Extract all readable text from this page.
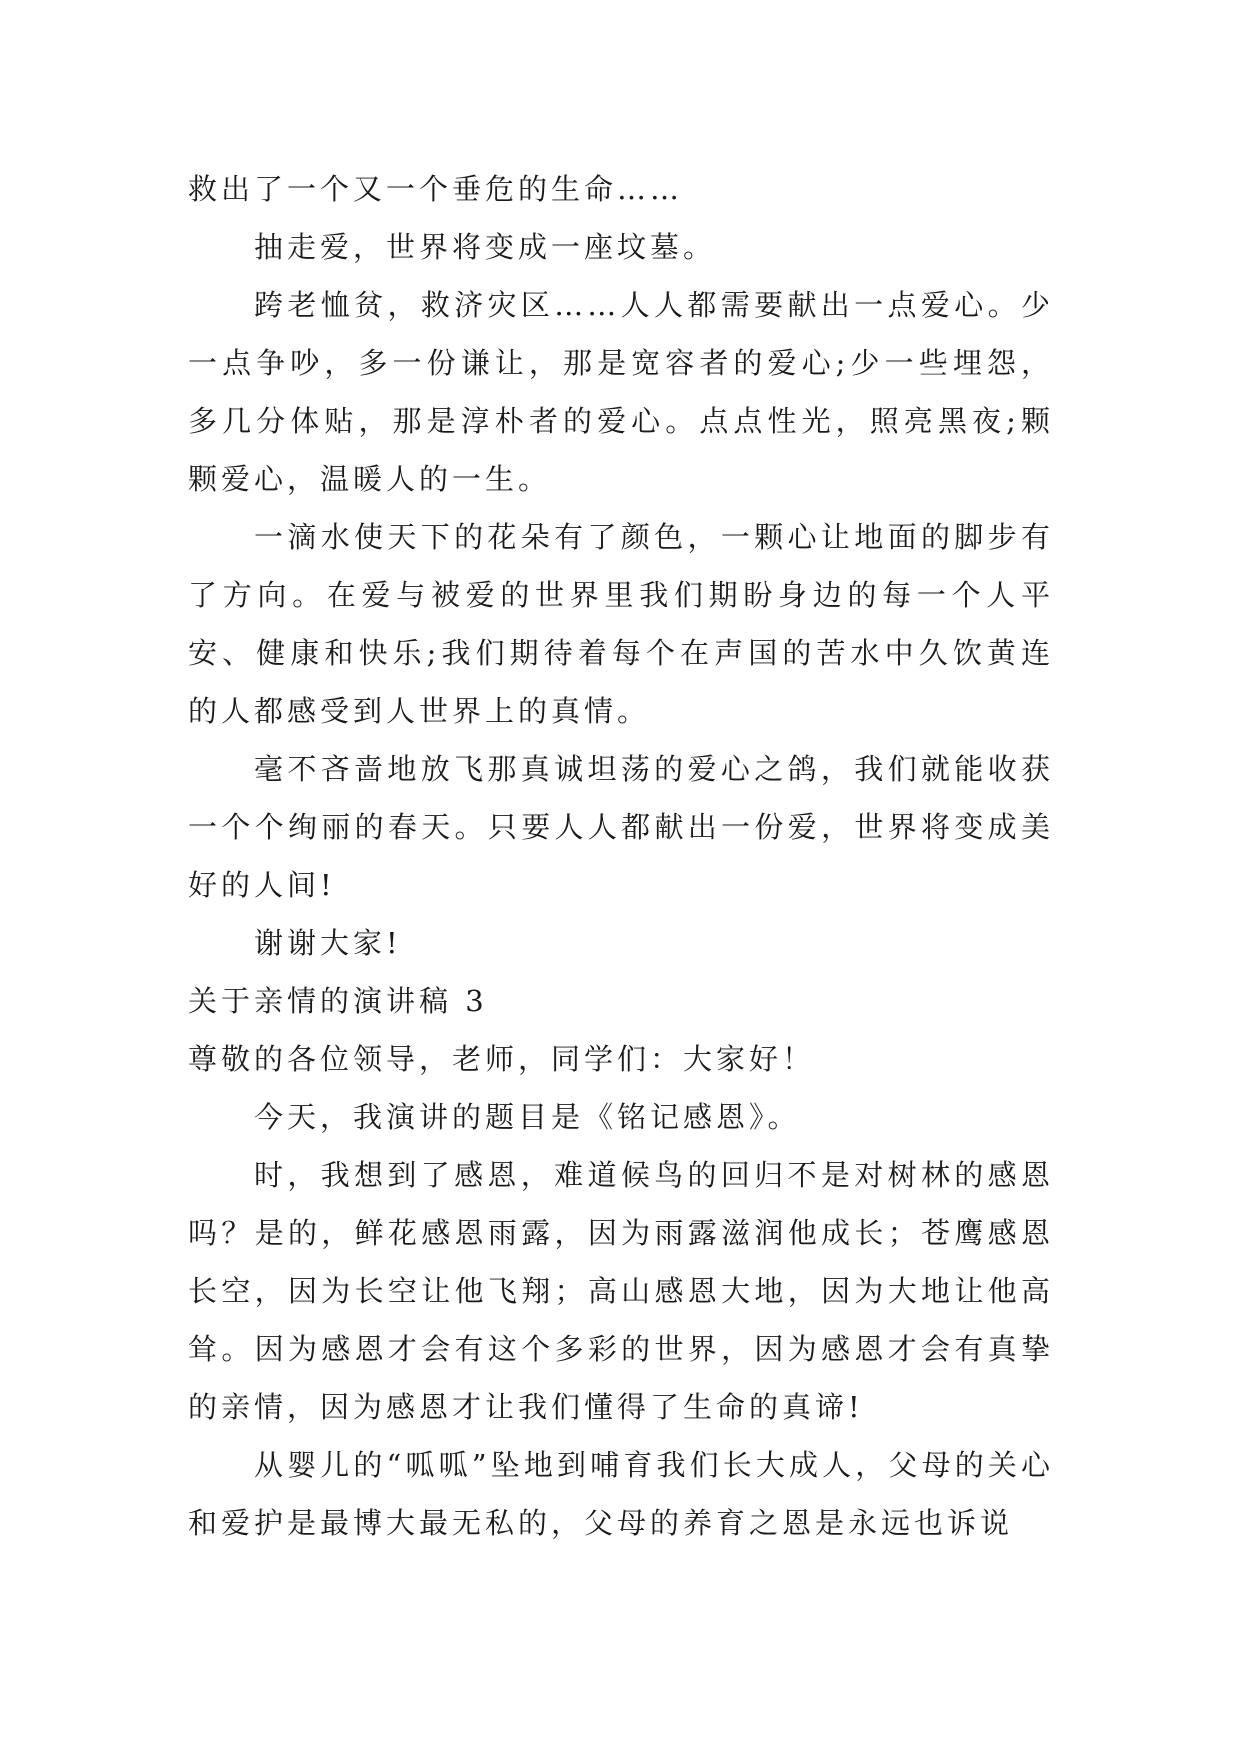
救出了一个又一个垂危的生命……

抽走爱，世界将变成一座坟墓。

跨老恤贫，救济灾区……人人都需要献出一点爱心。少一点争吵，多一份谦让，那是宽容者的爱心;少一些埋怨，多几分体贴，那是淳朴者的爱心。点点性光，照亮黑夜;颗颗爱心，温暖人的一生。

一滴水使天下的花朵有了颜色，一颗心让地面的脚步有了方向。在爱与被爱的世界里我们期盼身边的每一个人平安、健康和快乐;我们期待着每个在声国的苦水中久饮黄连的人都感受到人世界上的真情。

毫不吝啬地放飞那真诚坦荡的爱心之鸽，我们就能收获一个个绚丽的春天。只要人人都献出一份爱，世界将变成美好的人间!

谢谢大家!

关于亲情的演讲稿 3

尊敬的各位领导，老师，同学们：大家好！

今天，我演讲的题目是《铭记感恩》。

时，我想到了感恩，难道候鸟的回归不是对树林的感恩吗？是的，鲜花感恩雨露，因为雨露滋润他成长；苍鹰感恩长空，因为长空让他飞翔；高山感恩大地，因为大地让他高耸。因为感恩才会有这个多彩的世界，因为感恩才会有真挚的亲情，因为感恩才让我们懂得了生命的真谛!

从婴儿的“呱呱”坠地到哺育我们长大成人，父母的关心和爱护是最博大最无私的，父母的养育之恩是永远也诉说
